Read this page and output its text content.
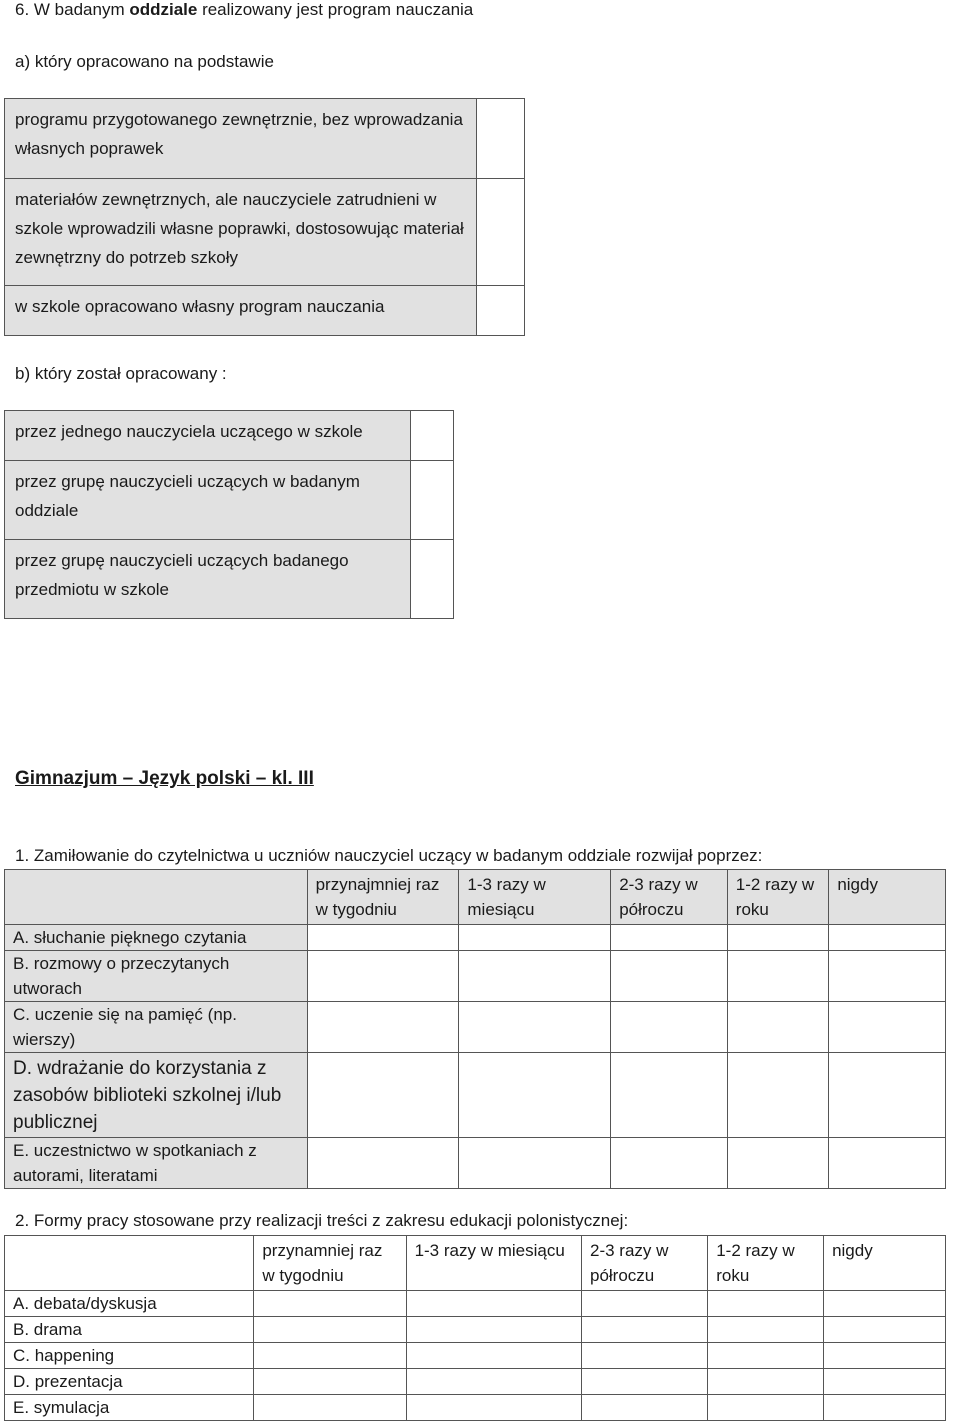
6. W badanym oddziale realizowany jest program nauczania
a) który opracowano na podstawie
programu przygotowanego zewnętrznie, bez wprowadzania własnych poprawek	

materiałów zewnętrznych, ale nauczyciele zatrudnieni w szkole wprowadzili własne poprawki, dostosowując materiał zewnętrzny do potrzeb szkoły	

w szkole opracowano własny program nauczania	

b) który został opracowany :
przez jednego nauczyciela uczącego w szkole	

przez grupę nauczycieli uczących w badanym oddziale	

przez grupę nauczycieli uczących badanego przedmiotu w szkole	

Gimnazjum – Język polski – kl. III
1. Zamiłowanie do czytelnictwa u uczniów nauczyciel uczący w badanym oddziale rozwijał poprzez:

	przynajmniej raz w tygodniu	1-3 razy w miesiącu	2-3 razy w półroczu	1-2 razy w roku	nigdy

A. słuchanie pięknego czytania					

B. rozmowy o przeczytanych utworach					

C. uczenie się na pamięć (np. wierszy)					

D. wdrażanie do korzystania z zasobów biblioteki szkolnej i/lub publicznej					

E. uczestnictwo w spotkaniach z autorami, literatami					

2. Formy pracy stosowane przy realizacji treści z zakresu edukacji polonistycznej:

	przynamniej raz w tygodniu	1-3 razy w miesiącu	2-3 razy w półroczu	1-2 razy w roku	nigdy

A. debata/dyskusja					

B. drama					

C. happening					

D. prezentacja					

E. symulacja					
